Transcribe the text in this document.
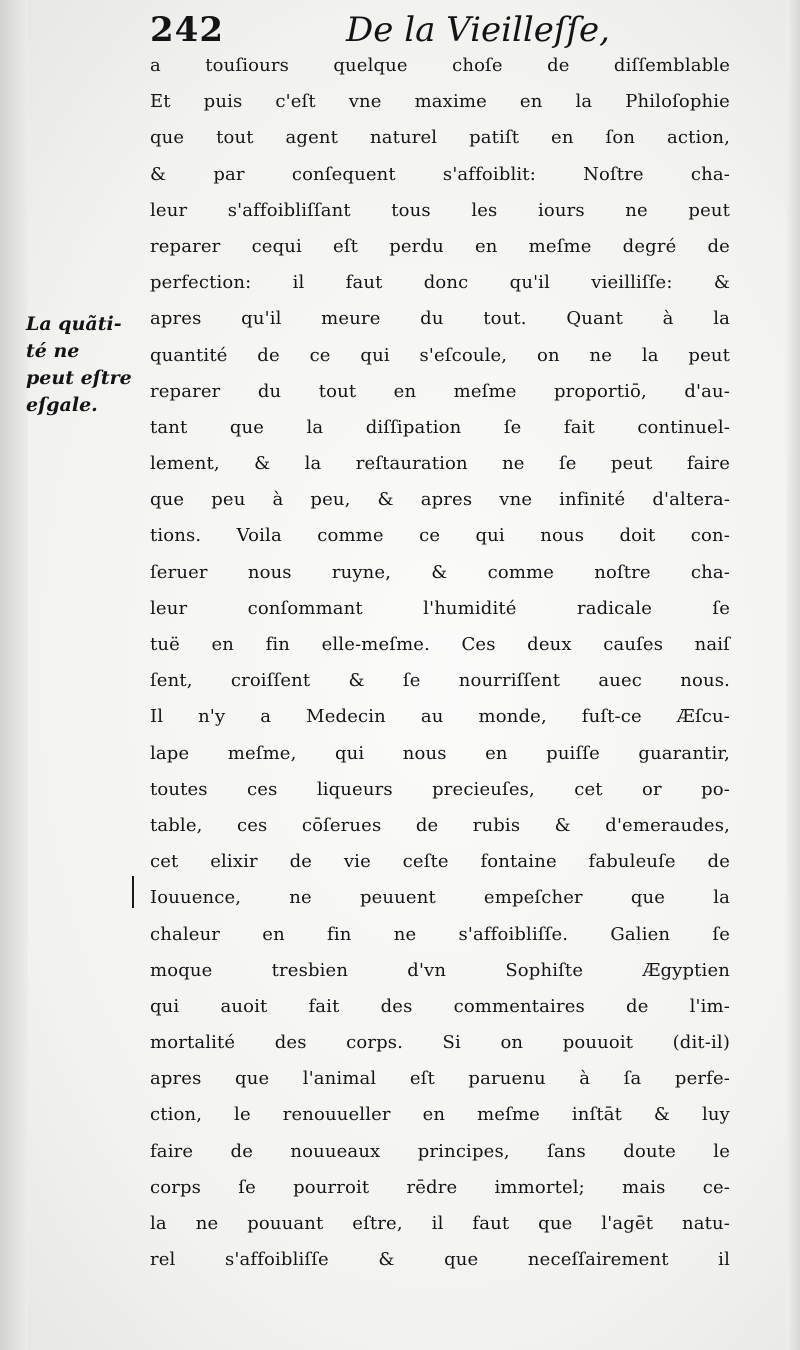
242	De la Vieilleſſe,
La quãti-
té ne
peut eſtre
eſgale.
a touſiours quelque choſe de diſſemblable
Et puis c'eſt vne maxime en la Philoſophie
que tout agent naturel patiſt en ſon action,
& par conſequent s'affoiblit: Noſtre cha-
leur s'affoibliſſant tous les iours ne peut
reparer cequi eſt perdu en meſme degré de
perfection: il faut donc qu'il vieilliſſe: &
apres qu'il meure du tout. Quant à la
quantité de ce qui s'eſcoule, on ne la peut
reparer du tout en meſme proportiō, d'au-
tant que la diſſipation ſe fait continuel-
lement, & la reſtauration ne ſe peut faire
que peu à peu, & apres vne infinité d'altera-
tions. Voila comme ce qui nous doit con-
ſeruer nous ruyne, & comme noſtre cha-
leur conſommant l'humidité radicale ſe
tuë en fin elle-meſme. Ces deux cauſes naiſ
ſent, croiſſent & ſe nourriſſent auec nous.
Il n'y a Medecin au monde, fuſt-ce Æſcu-
lape meſme, qui nous en puiſſe guarantir,
toutes ces liqueurs precieuſes, cet or po-
table, ces cōſerues de rubis & d'emeraudes,
cet elixir de vie ceſte fontaine fabuleuſe de
Iouuence, ne peuuent empeſcher que la
chaleur en fin ne s'affoibliſſe. Galien ſe
moque tresbien d'vn Sophiſte Ægyptien
qui auoit fait des commentaires de l'im-
mortalité des corps. Si on pouuoit (dit-il)
apres que l'animal eſt paruenu à ſa perfe-
ction, le renouueller en meſme inſtāt & luy
faire de nouueaux principes, ſans doute le
corps ſe pourroit rēdre immortel; mais ce-
la ne pouuant eſtre, il faut que l'agēt natu-
rel s'affoibliſſe & que neceſſairement il
